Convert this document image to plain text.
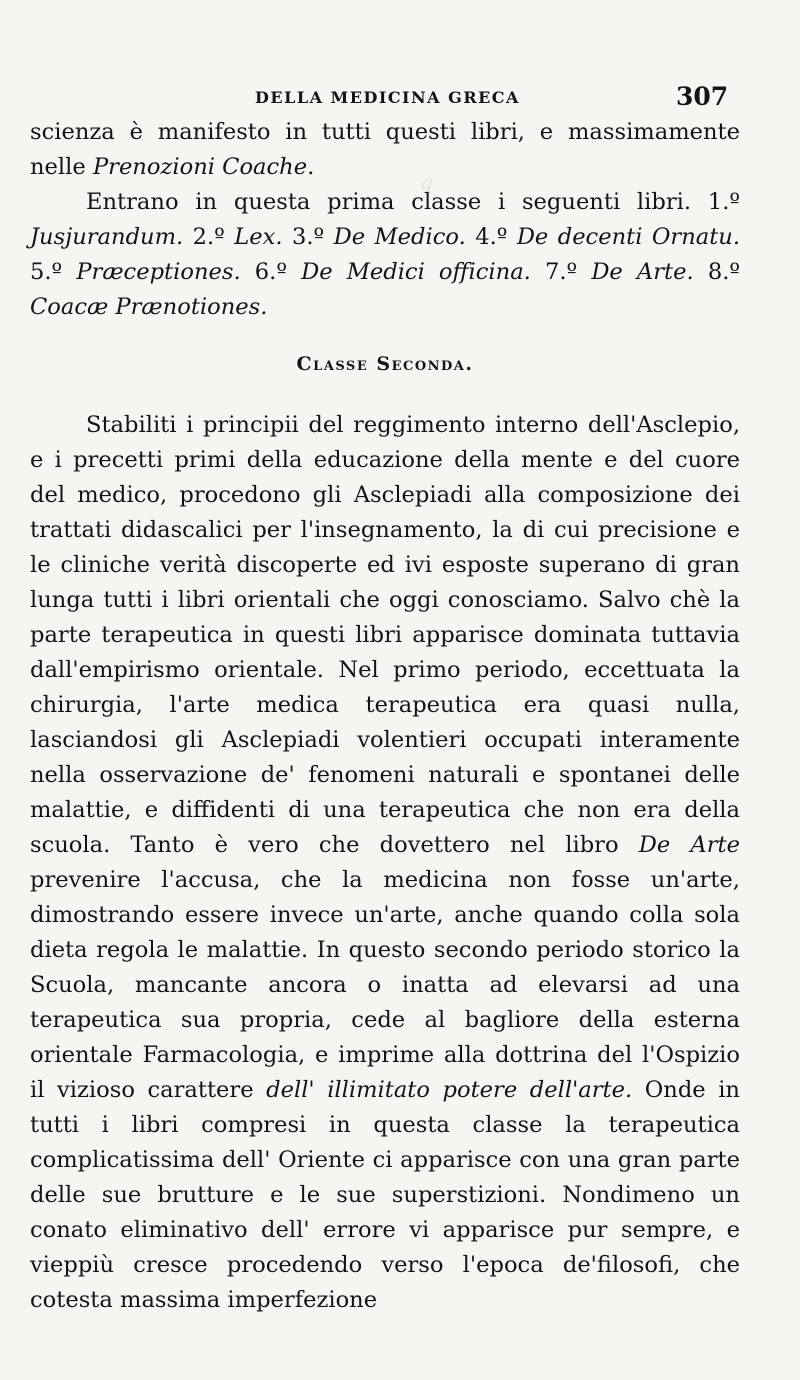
q
DELLA MEDICINA GRECA	307

scienza è manifesto in tutti questi libri, e massimamente nelle Prenozioni Coache.

Entrano in questa prima classe i seguenti libri. 1.º Jusjurandum. 2.º Lex. 3.º De Medico. 4.º De decenti Ornatu. 5.º Præceptiones. 6.º De Medici officina. 7.º De Arte. 8.º Coacæ Prænotiones.

Classe Seconda.

Stabiliti i principii del reggimento interno dell'Asclepio, e i precetti primi della educazione della mente e del cuore del medico, procedono gli Asclepiadi alla composizione dei trattati didascalici per l'insegnamento, la di cui precisione e le cliniche verità discoperte ed ivi esposte superano di gran lunga tutti i libri orientali che oggi conosciamo. Salvo chè la parte terapeutica in questi libri apparisce dominata tuttavia dall'empirismo orientale. Nel primo periodo, eccettuata la chirurgia, l'arte medica terapeutica era quasi nulla, lasciandosi gli Asclepiadi volentieri occupati interamente nella osservazione de' fenomeni naturali e spontanei delle malattie, e diffidenti di una terapeutica che non era della scuola. Tanto è vero che dovettero nel libro De Arte prevenire l'accusa, che la medicina non fosse un'arte, dimostrando essere invece un'arte, anche quando colla sola dieta regola le malattie. In questo secondo periodo storico la Scuola, mancante ancora o inatta ad elevarsi ad una terapeutica sua propria, cede al bagliore della esterna orientale Farmacologia, e imprime alla dottrina del l'Ospizio il vizioso carattere dell' illimitato potere dell'arte. Onde in tutti i libri compresi in questa classe la terapeutica complicatissima dell' Oriente ci apparisce con una gran parte delle sue brutture e le sue superstizioni. Nondimeno un conato eliminativo dell' errore vi apparisce pur sempre, e vieppiù cresce procedendo verso l'epoca de'filosofi, che cotesta massima imperfezione
